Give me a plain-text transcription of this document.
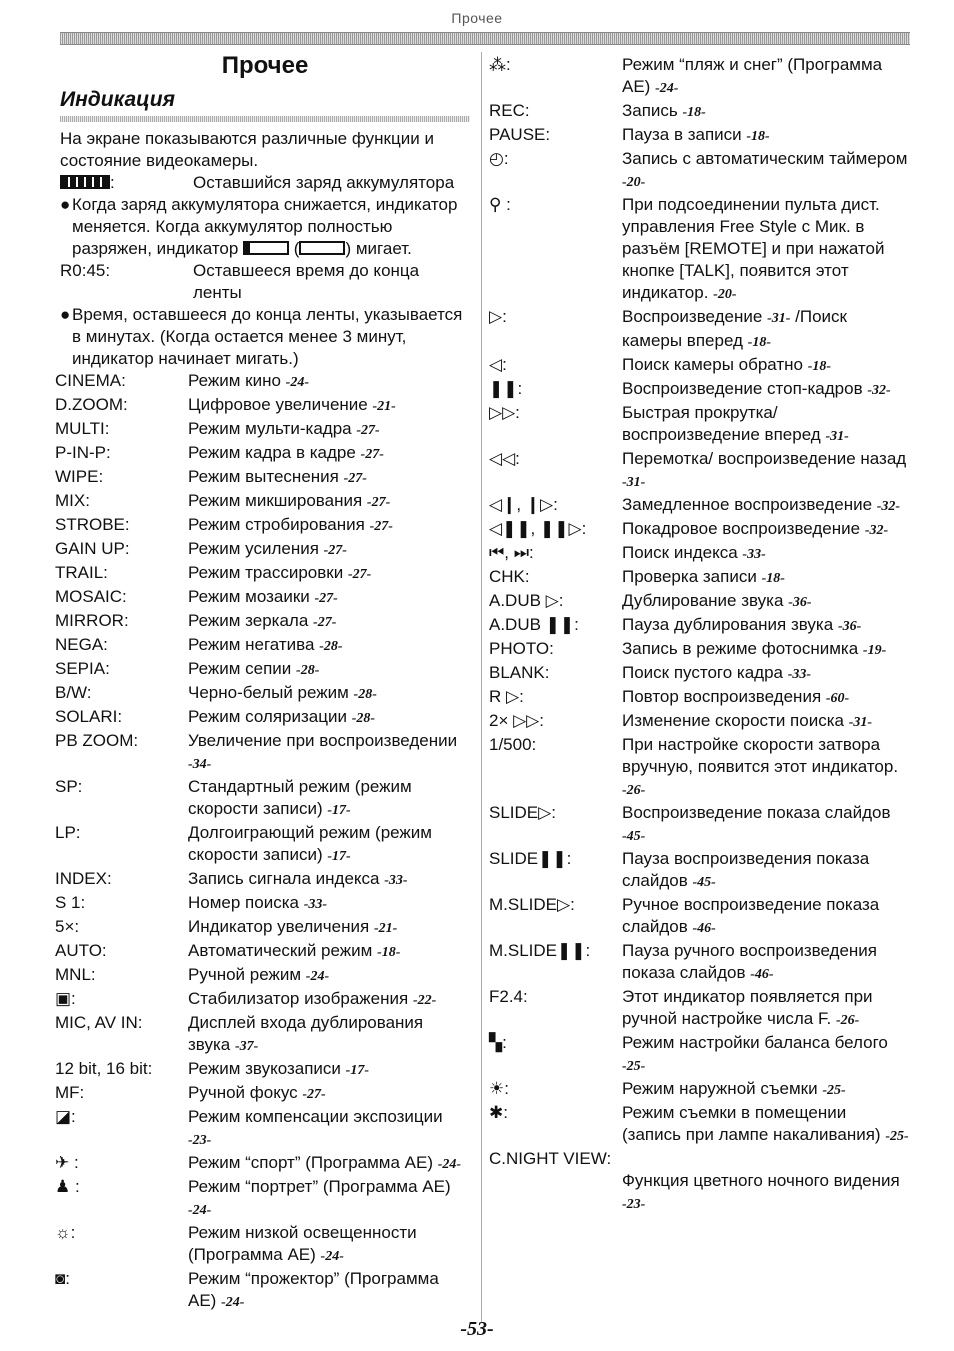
Прочее
Прочее
Индикация
На экране показываются различные функции и состояние видеокамеры.
:	Оставшийся заряд аккумулятора
● Когда заряд аккумулятора снижается, индикатор меняется. Когда аккумулятор полностью разряжен, индикатор	(	) мигает.
R0:45:	Оставшееся время до конца ленты
● Время, оставшееся до конца ленты, указывается в минутах. (Когда остается менее 3 минут, индикатор начинает мигать.)
CINEMA:	Режим кино -24-
D.ZOOM:	Цифровое увеличение -21-
MULTI:	Режим мульти-кадра -27-
P-IN-P:	Режим кадра в кадре -27-
WIPE:	Режим вытеснения -27-
MIX:	Режим микширования -27-
STROBE:	Режим стробирования -27-
GAIN UP:	Режим усиления -27-
TRAIL:	Режим трассировки -27-
MOSAIC:	Режим мозаики -27-
MIRROR:	Режим зеркала -27-
NEGA:	Режим негатива -28-
SEPIA:	Режим сепии -28-
B/W:	Черно-белый режим -28-
SOLARI:	Режим соляризации -28-
PB ZOOM:	Увеличение при воспроизведении -34-
SP:	Стандартный режим (режим скорости записи) -17-
LP:	Долгоиграющий режим (режим скорости записи) -17-
INDEX:	Запись сигнала индекса -33-
S 1:	Номер поиска -33-
5×:	Индикатор увеличения -21-
AUTO:	Автоматический режим -18-
MNL:	Ручной режим -24-
▣:	Стабилизатор изображения -22-
MIC, AV IN:	Дисплей входа дублирования звука -37-
12 bit, 16 bit:	Режим звукозаписи -17-
MF:	Ручной фокус -27-
◪:	Режим компенсации экспозиции -23-
✈ :	Режим “спорт” (Программа AE) -24-
♟ :	Режим “портрет” (Программа AE) -24-
☼:	Режим низкой освещенности (Программа AE) -24-
◙:	Режим “прожектор” (Программа AE) -24-
⁂:	Режим “пляж и снег” (Программа AE) -24-
REC:	Запись -18-
PAUSE:	Пауза в записи -18-
◴:	Запись с автоматическим таймером -20-
⚲ :	При подсоединении пульта дист. управления Free Style с Мик. в разъём [REMOTE] и при нажатой кнопке [TALK], появится этот индикатор. -20-
▷:	Воспроизведение -31- /Поиск камеры вперед -18-
◁:	Поиск камеры обратно -18-
❚❚:	Воспроизведение стоп-кадров -32-
▷▷:	Быстрая прокрутка/воспроизведение вперед -31-
◁◁:	Перемотка/ воспроизведение назад -31-
◁❙, ❙▷:	Замедленное воспроизведение -32-
◁❚❚, ❚❚▷:	Покадровое воспроизведение -32-
⏮, ⏭:	Поиск индекса -33-
CHK:	Проверка записи -18-
A.DUB ▷:	Дублирование звука -36-
A.DUB ❚❚:	Пауза дублирования звука -36-
PHOTO:	Запись в режиме фотоснимка -19-
BLANK:	Поиск пустого кадра -33-
R ▷:	Повтор воспроизведения -60-
2× ▷▷:	Изменение скорости поиска -31-
1/500:	При настройке скорости затвора вручную, появится этот индикатор. -26-
SLIDE▷:	Воспроизведение показа слайдов -45-
SLIDE❚❚:	Пауза воспроизведения показа слайдов -45-
M.SLIDE▷:	Ручное воспроизведение показа слайдов -46-
M.SLIDE❚❚:	Пауза ручного воспроизведения показа слайдов -46-
F2.4:	Этот индикатор появляется при ручной настройке числа F. -26-
▚:	Режим настройки баланса белого -25-
☀:	Режим наружной съемки -25-
✱:	Режим съемки в помещении (запись при лампе накаливания) -25-
C.NIGHT VIEW:
Функция цветного ночного видения -23-
-53-
